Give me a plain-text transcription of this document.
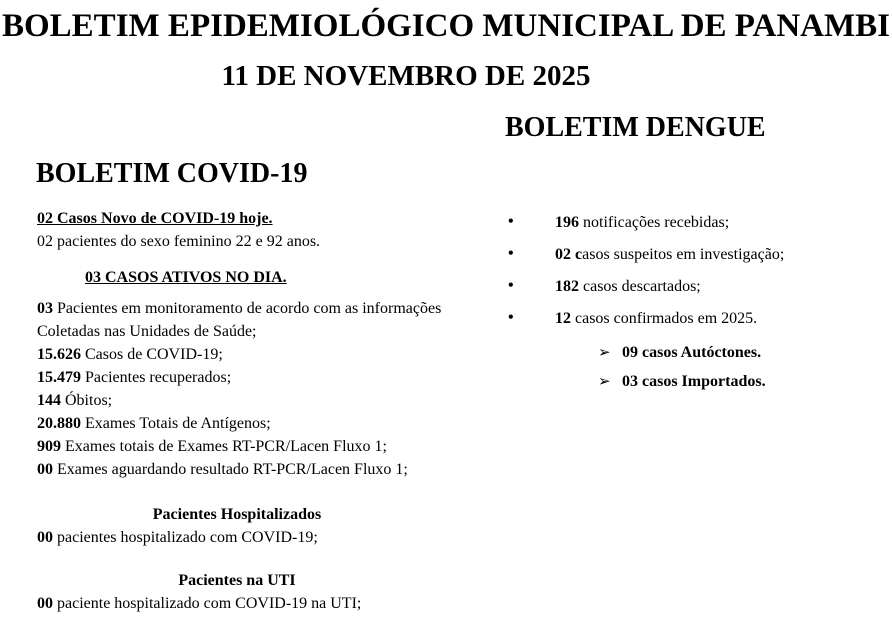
BOLETIM EPIDEMIOLÓGICO MUNICIPAL DE PANAMBI
11 DE NOVEMBRO DE 2025
BOLETIM DENGUE
BOLETIM COVID-19

02 Casos Novo de COVID-19 hoje.

02 pacientes do sexo feminino 22 e 92 anos.

03 CASOS ATIVOS NO DIA.

03 Pacientes em monitoramento de acordo com as informações Coletadas nas Unidades de Saúde;

15.626 Casos de COVID-19;

15.479 Pacientes recuperados;

144 Óbitos;

20.880 Exames Totais de Antígenos;

909 Exames totais de Exames RT-PCR/Lacen Fluxo 1;

00 Exames aguardando resultado RT-PCR/Lacen Fluxo 1;

Pacientes Hospitalizados

00 pacientes hospitalizado com COVID-19;

Pacientes na UTI

00 paciente hospitalizado com COVID-19 na UTI;

•	196 notificações recebidas;
•	02 casos suspeitos em investigação;
•	182 casos descartados;
•	12 casos confirmados em 2025.
➢ 09 casos Autóctones.
➢ 03 casos Importados.
